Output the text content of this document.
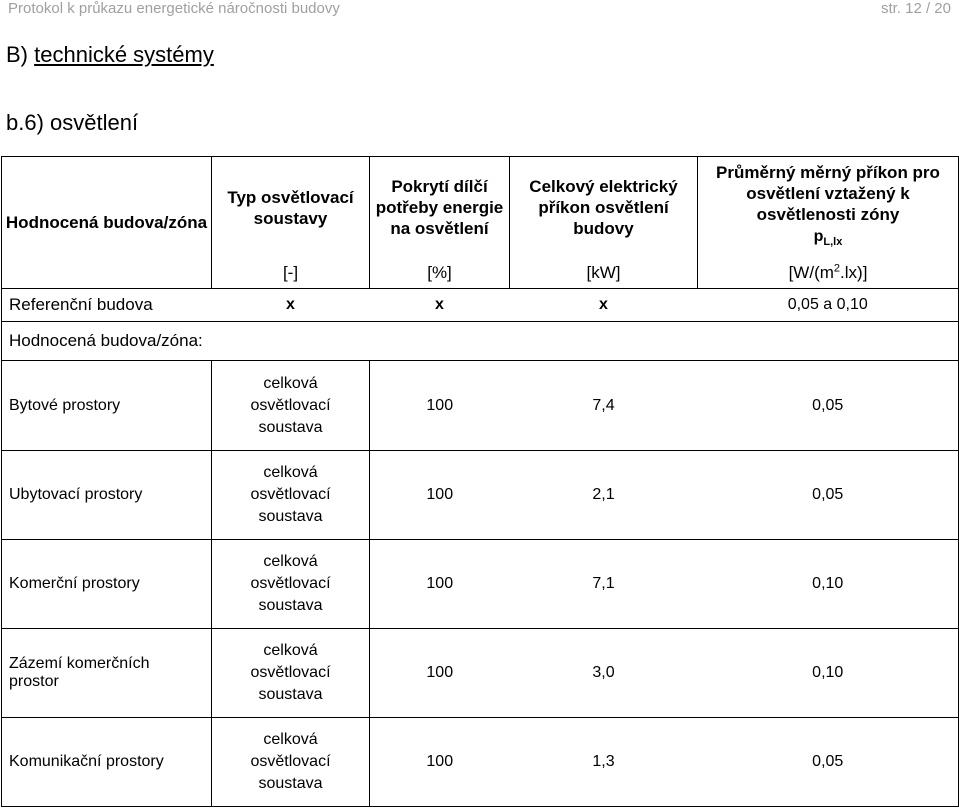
Protokol k průkazu energetické náročnosti budovy	str. 12 / 20
B) technické systémy
b.6) osvětlení
Hodnocená budova/zóna	Typ osvětlovací soustavy	Pokrytí dílčí potřeby energie na osvětlení	Celkový elektrický příkon osvětlení budovy	Průměrný měrný příkon pro osvětlení vztažený k osvětlenosti zóny
$p_{L,lx}$
	[-]	[%]	[kW]	$[W/(m^2.lx)]$
Referenční budova	x	x	x	0,05 a 0,10
Hodnocená budova/zóna:				
Bytové prostory	celková osvětlovací soustava	100	7,4	0,05
Ubytovací prostory	celková osvětlovací soustava	100	2,1	0,05
Komerční prostory	celková osvětlovací soustava	100	7,1	0,10
Zázemí komerčních prostor	celková osvětlovací soustava	100	3,0	0,10
Komunikační prostory	celková osvětlovací soustava	100	1,3	0,05
